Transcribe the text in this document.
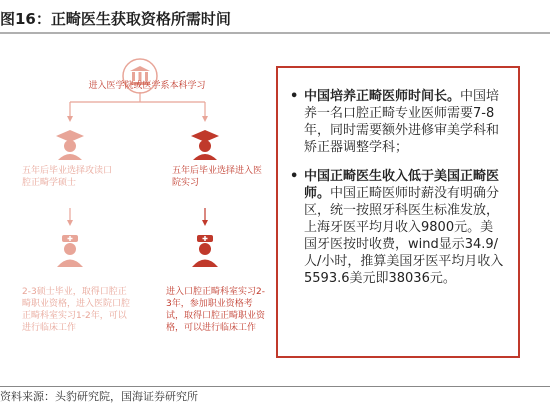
图16：正畸医生获取资格所需时间
进入医学院或医学系本科学习
五年后毕业选择攻读口腔正畸学硕士
五年后毕业选择进入医院实习
2-3硕士毕业，取得口腔正畸职业资格，进入医院口腔正畸科室实习1-2年，可以进行临床工作
进入口腔正畸科室实习2-3年，参加职业资格考试，取得口腔正畸职业资格，可以进行临床工作
• 中国培养正畸医师时间长。中国培养一名口腔正畸专业医师需要7-8年，同时需要额外进修审美学科和矫正器调整学科；
• 中国正畸医生收入低于美国正畸医师。中国正畸医师时薪没有明确分区，统一按照牙科医生标准发放，上海牙医平均月收入9800元。美国牙医按时收费，wind显示34.9/人/小时，推算美国牙医平均月收入5593.6美元即38036元。
资料来源：头豹研究院，国海证券研究所
